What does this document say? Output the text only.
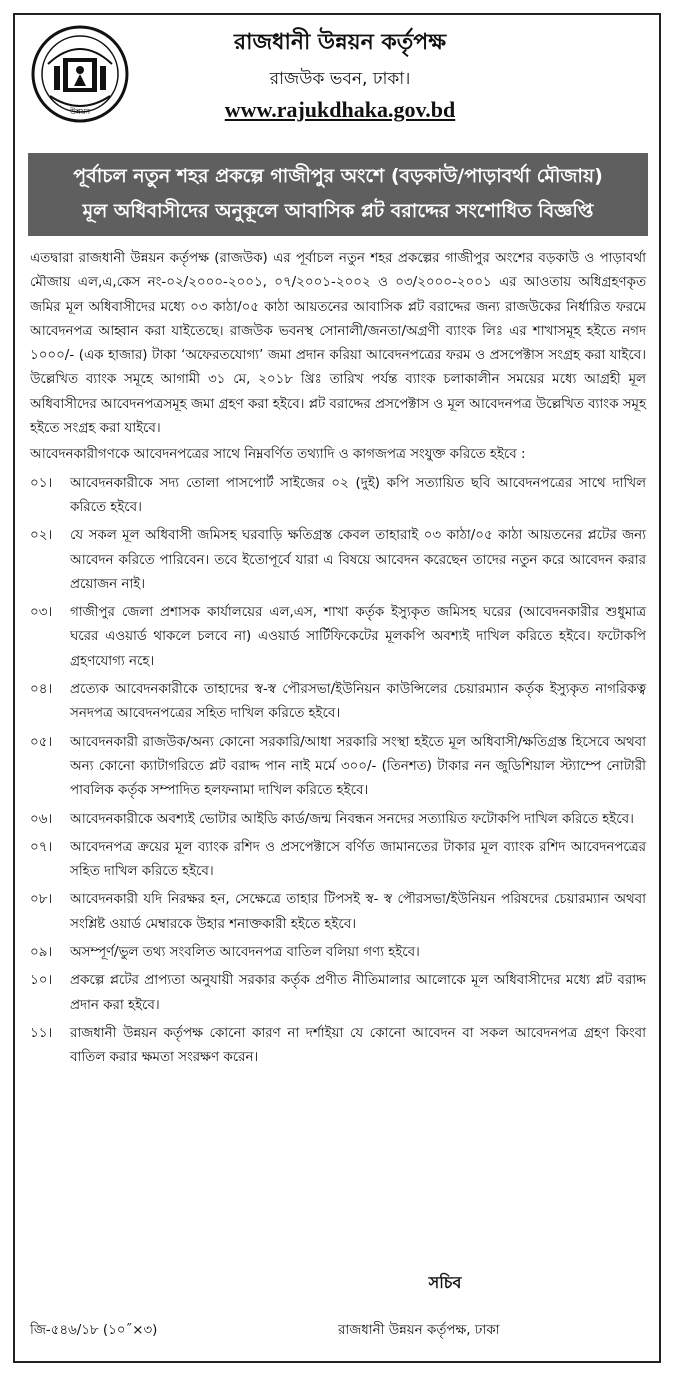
উন্নয়ন
রাজধানী উন্নয়ন কর্তৃপক্ষ
রাজউক ভবন, ঢাকা।
www.rajukdhaka.gov.bd
পূর্বাচল নতুন শহর প্রকল্পে গাজীপুর অংশে (বড়কাউ/পাড়াবর্থা মৌজায়)
মূল অধিবাসীদের অনুকূলে আবাসিক প্লট বরাদ্দের সংশোধিত বিজ্ঞপ্তি

এতদ্বারা রাজধানী উন্নয়ন কর্তৃপক্ষ (রাজউক) এর পূর্বাচল নতুন শহর প্রকল্পের গাজীপুর অংশের বড়কাউ ও পাড়াবর্থা মৌজায় এল,এ,কেস নং-০২/২০০০-২০০১, ০৭/২০০১-২০০২ ও ০৩/২০০০-২০০১ এর আওতায় অধিগ্রহণকৃত জমির মূল অধিবাসীদের মধ্যে ০৩ কাঠা/০৫ কাঠা আয়তনের আবাসিক প্লট বরাদ্দের জন্য রাজউকের নির্ধারিত ফরমে আবেদনপত্র আহ্বান করা যাইতেছে। রাজউক ভবনস্থ সোনালী/জনতা/অগ্রণী ব্যাংক লিঃ এর শাখাসমূহ হইতে নগদ ১০০০/- (এক হাজার) টাকা ‘অফেরতযোগ্য’ জমা প্রদান করিয়া আবেদনপত্রের ফরম ও প্রসপেক্টাস সংগ্রহ করা যাইবে। উল্লেখিত ব্যাংক সমূহে আগামী ৩১ মে, ২০১৮ খ্রিঃ তারিখ পর্যন্ত ব্যাংক চলাকালীন সময়ের মধ্যে আগ্রহী মূল অধিবাসীদের আবেদনপত্রসমূহ জমা গ্রহণ করা হইবে। প্লট বরাদ্দের প্রসপেক্টাস ও মূল আবেদনপত্র উল্লেখিত ব্যাংক সমূহ হইতে সংগ্রহ করা যাইবে।

আবেদনকারীগণকে আবেদনপত্রের সাথে নিম্নবর্ণিত তথ্যাদি ও কাগজপত্র সংযুক্ত করিতে হইবে :

০১। আবেদনকারীকে সদ্য তোলা পাসপোর্ট সাইজের ০২ (দুই) কপি সত্যায়িত ছবি আবেদনপত্রের সাথে দাখিল করিতে হইবে।
০২। যে সকল মূল অধিবাসী জমিসহ ঘরবাড়ি ক্ষতিগ্রস্ত কেবল তাহারাই ০৩ কাঠা/০৫ কাঠা আয়তনের প্লটের জন্য আবেদন করিতে পারিবেন। তবে ইতোপূর্বে যারা এ বিষয়ে আবেদন করেছেন তাদের নতুন করে আবেদন করার প্রয়োজন নাই।
০৩। গাজীপুর জেলা প্রশাসক কার্যালয়ের এল,এস, শাখা কর্তৃক ইস্যুকৃত জমিসহ ঘরের (আবেদনকারীর শুধুমাত্র ঘরের এওয়ার্ড থাকলে চলবে না) এওয়ার্ড সার্টিফিকেটের মূলকপি অবশ্যই দাখিল করিতে হইবে। ফটোকপি গ্রহণযোগ্য নহে।
০৪। প্রত্যেক আবেদনকারীকে তাহাদের স্ব-স্ব পৌরসভা/ইউনিয়ন কাউন্সিলের চেয়ারম্যান কর্তৃক ইস্যুকৃত নাগরিকত্ব সনদপত্র আবেদনপত্রের সহিত দাখিল করিতে হইবে।
০৫। আবেদনকারী রাজউক/অন্য কোনো সরকারি/আধা সরকারি সংস্থা হইতে মূল অধিবাসী/ক্ষতিগ্রস্ত হিসেবে অথবা অন্য কোনো ক্যাটাগরিতে প্লট বরাদ্দ পান নাই মর্মে ৩০০/- (তিনশত) টাকার নন জুডিশিয়াল স্ট্যাম্পে নোটারী পাবলিক কর্তৃক সম্পাদিত হলফনামা দাখিল করিতে হইবে।
০৬। আবেদনকারীকে অবশ্যই ভোটার আইডি কার্ড/জন্ম নিবন্ধন সনদের সত্যায়িত ফটোকপি দাখিল করিতে হইবে।
০৭। আবেদনপত্র ক্রয়ের মূল ব্যাংক রশিদ ও প্রসপেক্টাসে বর্ণিত জামানতের টাকার মূল ব্যাংক রশিদ আবেদনপত্রের সহিত দাখিল করিতে হইবে।
০৮। আবেদনকারী যদি নিরক্ষর হন, সেক্ষেত্রে তাহার টিপসই স্ব- স্ব পৌরসভা/ইউনিয়ন পরিষদের চেয়ারম্যান অথবা সংশ্লিষ্ট ওয়ার্ড মেম্বারকে উহার শনাক্তকারী হইতে হইবে।
০৯। অসম্পূর্ণ/ভুল তথ্য সংবলিত আবেদনপত্র বাতিল বলিয়া গণ্য হইবে।
১০। প্রকল্পে প্লটের প্রাপ্যতা অনুযায়ী সরকার কর্তৃক প্রণীত নীতিমালার আলোকে মূল অধিবাসীদের মধ্যে প্লট বরাদ্দ প্রদান করা হইবে।
১১। রাজধানী উন্নয়ন কর্তৃপক্ষ কোনো কারণ না দর্শাইয়া যে কোনো আবেদন বা সকল আবেদনপত্র গ্রহণ কিংবা বাতিল করার ক্ষমতা সংরক্ষণ করেন।
সচিব
রাজধানী উন্নয়ন কর্তৃপক্ষ, ঢাকা
জি-৫৪৬/১৮ (১০˝×৩)
